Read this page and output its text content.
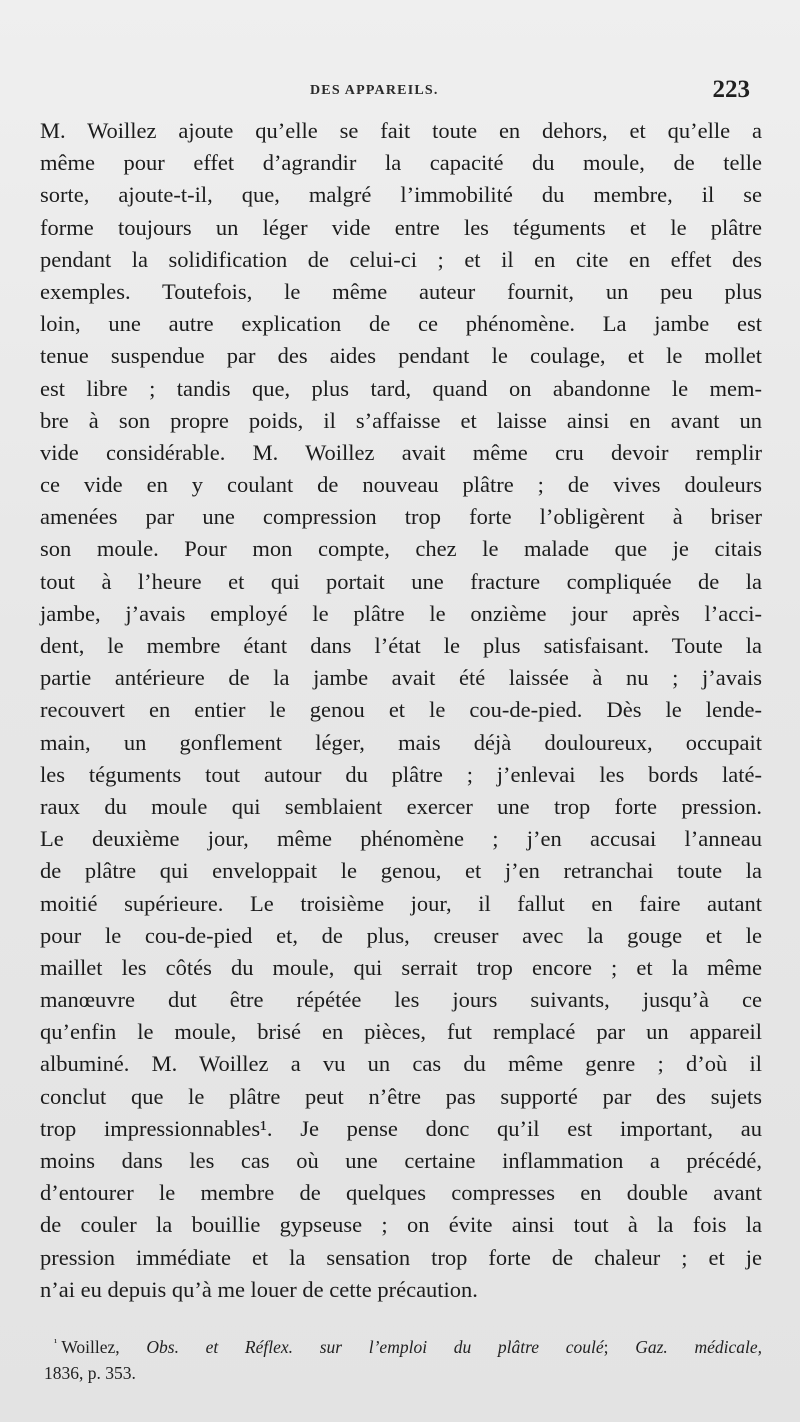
DES APPAREILS.	223
M. Woillez ajoute qu’elle se fait toute en dehors, et qu’elle a
même pour effet d’agrandir la capacité du moule, de telle
sorte, ajoute-t-il, que, malgré l’immobilité du membre, il se
forme toujours un léger vide entre les téguments et le plâtre
pendant la solidification de celui-ci ; et il en cite en effet des
exemples. Toutefois, le même auteur fournit, un peu plus
loin, une autre explication de ce phénomène. La jambe est
tenue suspendue par des aides pendant le coulage, et le mollet
est libre ; tandis que, plus tard, quand on abandonne le mem-
bre à son propre poids, il s’affaisse et laisse ainsi en avant un
vide considérable. M. Woillez avait même cru devoir remplir
ce vide en y coulant de nouveau plâtre ; de vives douleurs
amenées par une compression trop forte l’obligèrent à briser
son moule. Pour mon compte, chez le malade que je citais
tout à l’heure et qui portait une fracture compliquée de la
jambe, j’avais employé le plâtre le onzième jour après l’acci-
dent, le membre étant dans l’état le plus satisfaisant. Toute la
partie antérieure de la jambe avait été laissée à nu ; j’avais
recouvert en entier le genou et le cou-de-pied. Dès le lende-
main, un gonflement léger, mais déjà douloureux, occupait
les téguments tout autour du plâtre ; j’enlevai les bords laté-
raux du moule qui semblaient exercer une trop forte pression.
Le deuxième jour, même phénomène ; j’en accusai l’anneau
de plâtre qui enveloppait le genou, et j’en retranchai toute la
moitié supérieure. Le troisième jour, il fallut en faire autant
pour le cou-de-pied et, de plus, creuser avec la gouge et le
maillet les côtés du moule, qui serrait trop encore ; et la même
manœuvre dut être répétée les jours suivants, jusqu’à ce
qu’enfin le moule, brisé en pièces, fut remplacé par un appareil
albuminé. M. Woillez a vu un cas du même genre ; d’où il
conclut que le plâtre peut n’être pas supporté par des sujets
trop impressionnables¹. Je pense donc qu’il est important, au
moins dans les cas où une certaine inflammation a précédé,
d’entourer le membre de quelques compresses en double avant
de couler la bouillie gypseuse ; on évite ainsi tout à la fois la
pression immédiate et la sensation trop forte de chaleur ; et je
n’ai eu depuis qu’à me louer de cette précaution.
$^{^1}$ Woillez, Obs. et Réflex. sur l’emploi du plâtre coulé; Gaz. médicale,
1836, p. 353.
